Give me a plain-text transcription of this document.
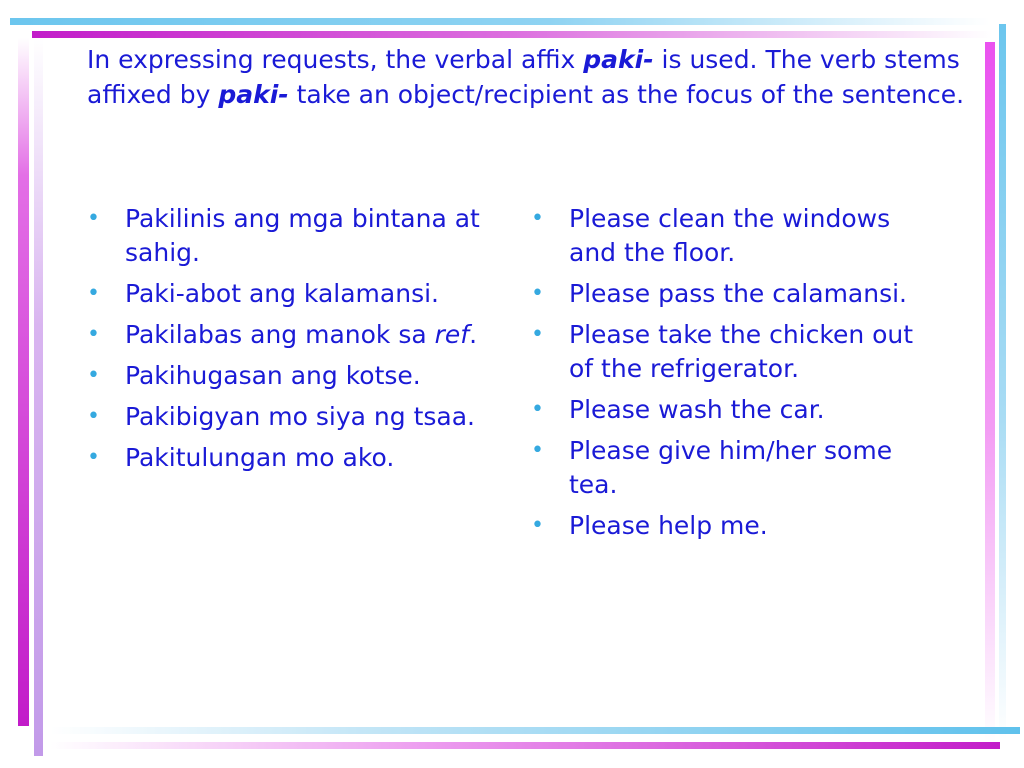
In expressing requests, the verbal affix paki- is used. The verb stems affixed by paki- take an object/recipient as the focus of the sentence.
• Pakilinis ang mga bintana at sahig.
• Paki-abot ang kalamansi.
• Pakilabas ang manok sa ref.
• Pakihugasan ang kotse.
• Pakibigyan mo siya ng tsaa.
• Pakitulungan mo ako.
• Please clean the windows and the floor.
• Please pass the calamansi.
• Please take the chicken out of the refrigerator.
• Please wash the car.
• Please give him/her some tea.
• Please help me.
